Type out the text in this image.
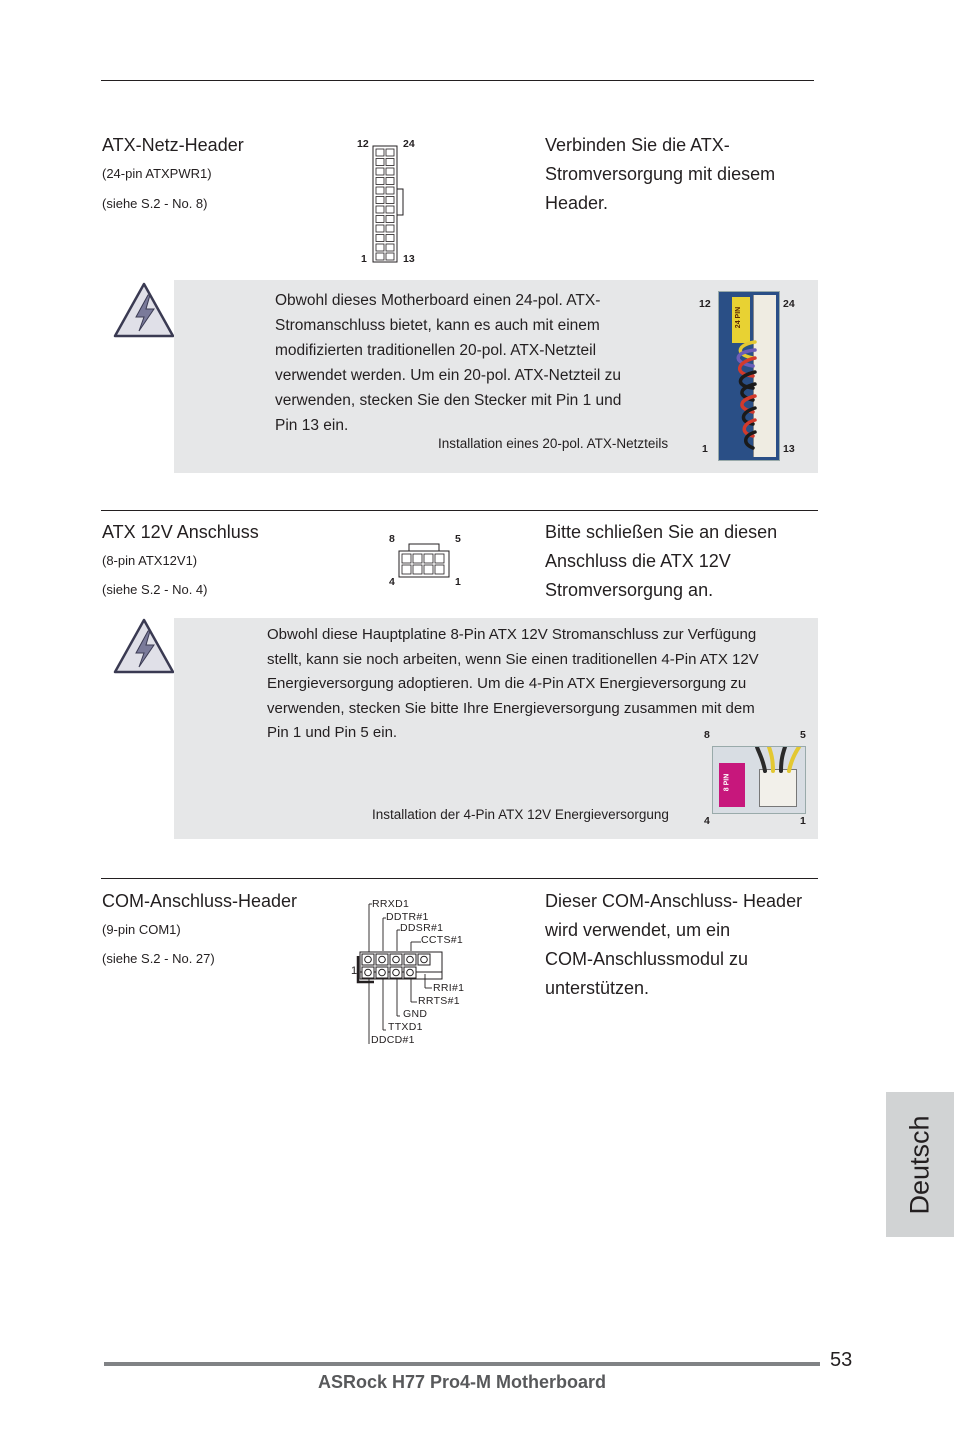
ATX-Netz-Header
(24-pin ATXPWR1)
(siehe S.2 - No. 8)
12	24
1	13
Verbinden Sie die ATX-
Stromversorgung mit diesem
Header.
Obwohl dieses Motherboard einen 24-pol. ATX-
Stromanschluss bietet, kann es auch mit einem
modifizierten traditionellen 20-pol. ATX-Netzteil
verwendet werden. Um ein 20-pol. ATX-Netzteil zu
verwenden, stecken Sie den Stecker mit Pin 1 und
Pin 13 ein.
Installation eines 20-pol. ATX-Netzteils
12	24
1	13
24 PIN
ATX 12V Anschluss
(8-pin ATX12V1)
(siehe S.2 - No. 4)
8	5
4	1
Bitte schließen Sie an diesen
Anschluss die ATX 12V
Stromversorgung an.
Obwohl diese Hauptplatine 8-Pin ATX 12V Stromanschluss zur Verfügung
stellt, kann sie noch arbeiten, wenn Sie einen traditionellen 4-Pin ATX 12V
Energieversorgung adoptieren. Um die 4-Pin ATX Energieversorgung zu
verwenden, stecken Sie bitte Ihre Energieversorgung zusammen mit dem
Pin 1 und Pin 5 ein.
Installation der 4-Pin ATX 12V Energieversorgung
8	5
4	1
8 PIN
COM-Anschluss-Header
(9-pin COM1)
(siehe S.2 - No. 27)
1
RRXD1
DDTR#1
DDSR#1
CCTS#1
RRI#1
RRTS#1
GND
TTXD1
DDCD#1
Dieser COM-Anschluss- Header
wird verwendet, um ein
COM-Anschlussmodul zu
unterstützen.
Deutsch
53
ASRock H77 Pro4-M Motherboard
